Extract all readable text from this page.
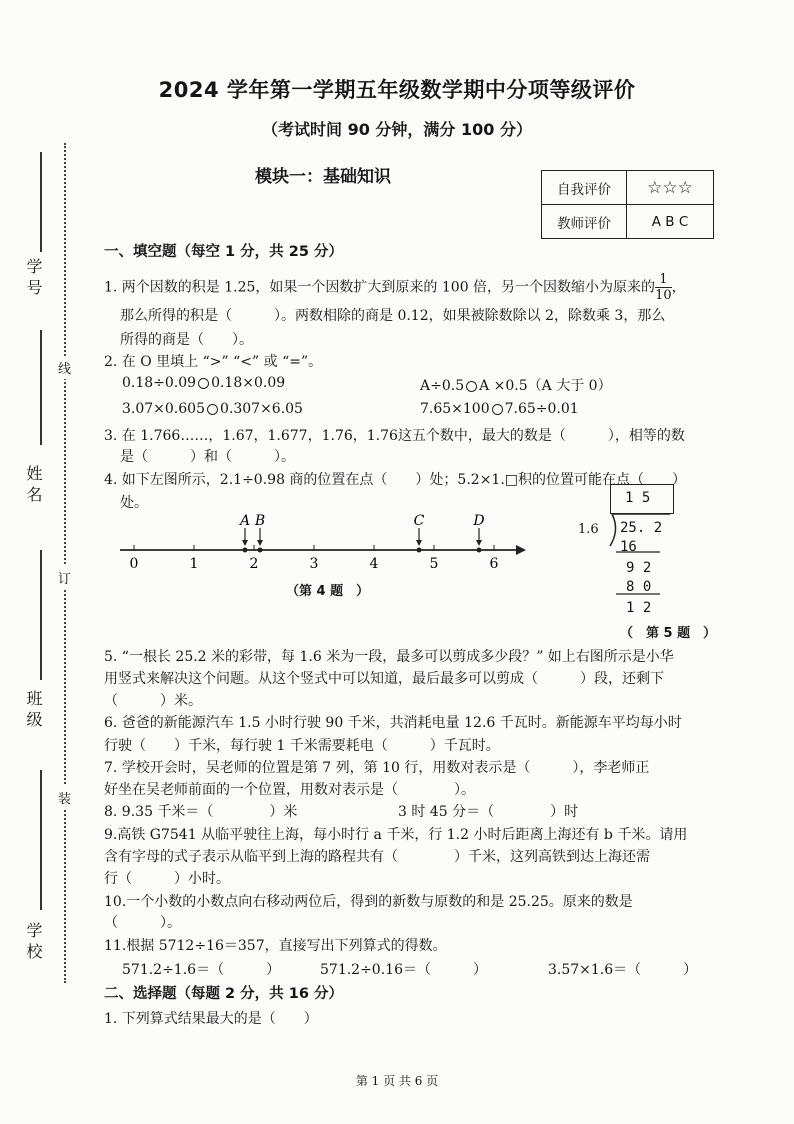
2024 学年第一学期五年级数学期中分项等级评价
（考试时间 90 分钟，满分 100 分）
模块一：基础知识
自我评价	☆☆☆
教师评价	A B C
学 号
姓 名
班 级
学 校
线
订
装
一、填空题（每空 1 分，共 25 分）
1. 两个因数的积是 1.25，如果一个因数扩大到原来的 100 倍，另一个因数缩小为原来的 $\frac{1}{10}$ ，
那么所得的积是（　　　）。两数相除的商是 0.12，如果被除数除以 2，除数乘 3，那么
所得的商是（　　）。
2. 在 O 里填上 “>” “<” 或 “=”。
0.18÷0.09 0.18×0.09	A÷0.5 A ×0.5（A 大于 0）
3.07×0.605 0.307×6.05	7.65×100 7.65÷0.01
3. 在 1.766……，1.67̇，1.677，1.7̇6̇，1.76这五个数中，最大的数是（　　　），相等的数
是（　　　）和（　　　）。
4. 如下左图所示，2.1÷0.98 商的位置在点（　　）处；5.2×1.□积的位置可能在点（　　）
处。
0	1	2	3	4	5	6
A B	C	D
（第 4 题　）
1 5
1.6 25. 2
16
9 2
8 0
1 2
（　第 5 题　）
5. “一根长 25.2 米的彩带，每 1.6 米为一段，最多可以剪成多少段？” 如上右图所示是小华
用竖式来解决这个问题。从这个竖式中可以知道，最后最多可以剪成（　　　）段，还剩下
（　　　）米。
6. 爸爸的新能源汽车 1.5 小时行驶 90 千米，共消耗电量 12.6 千瓦时。新能源车平均每小时
行驶（　　）千米，每行驶 1 千米需要耗电（　　　）千瓦时。
7. 学校开会时，吴老师的位置是第 7 列，第 10 行，用数对表示是（　　　），李老师正
好坐在吴老师前面的一个位置，用数对表示是（　　　　）。
8. 9.35 千米＝（　　　　）米	3 时 45 分＝（　　　　）时
9.高铁 G7541 从临平驶往上海，每小时行 a 千米，行 1.2 小时后距离上海还有 b 千米。请用
含有字母的式子表示从临平到上海的路程共有（　　　　）千米，这列高铁到达上海还需
行（　　　）小时。
10.一个小数的小数点向右移动两位后，得到的新数与原数的和是 25.25。原来的数是
（　　　）。
11.根据 5712÷16＝357，直接写出下列算式的得数。
571.2÷1.6＝（　　　）	571.2÷0.16＝（　　　）	3.57×1.6＝（　　　）
二、选择题（每题 2 分，共 16 分）
1. 下列算式结果最大的是（　　）
第 1 页 共 6 页
